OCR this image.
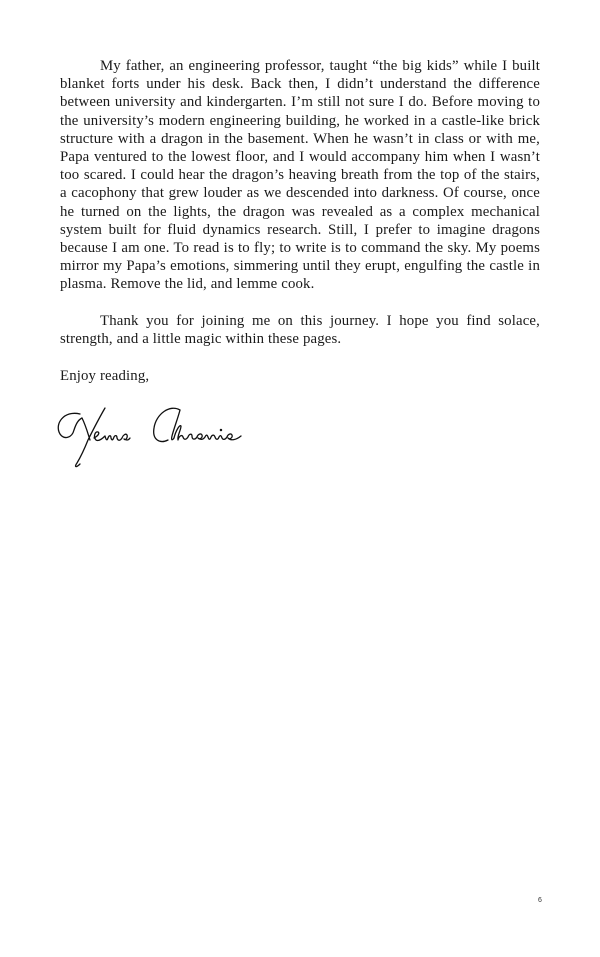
My father, an engineering professor, taught “the big kids” while I built blanket forts under his desk. Back then, I didn’t understand the difference between university and kindergarten. I’m still not sure I do. Before moving to the university’s modern engineering building, he worked in a castle-like brick structure with a dragon in the basement. When he wasn’t in class or with me, Papa ventured to the lowest floor, and I would accompany him when I wasn’t too scared. I could hear the dragon’s heaving breath from the top of the stairs, a cacophony that grew louder as we descended into darkness. Of course, once he turned on the lights, the dragon was revealed as a complex mechanical system built for fluid dynamics research. Still, I prefer to imagine dragons because I am one. To read is to fly; to write is to command the sky. My poems mirror my Papa’s emotions, simmering until they erupt, engulfing the castle in plasma. Remove the lid, and lemme cook.

Thank you for joining me on this journey. I hope you find solace, strength, and a little magic within these pages.

Enjoy reading,

6
